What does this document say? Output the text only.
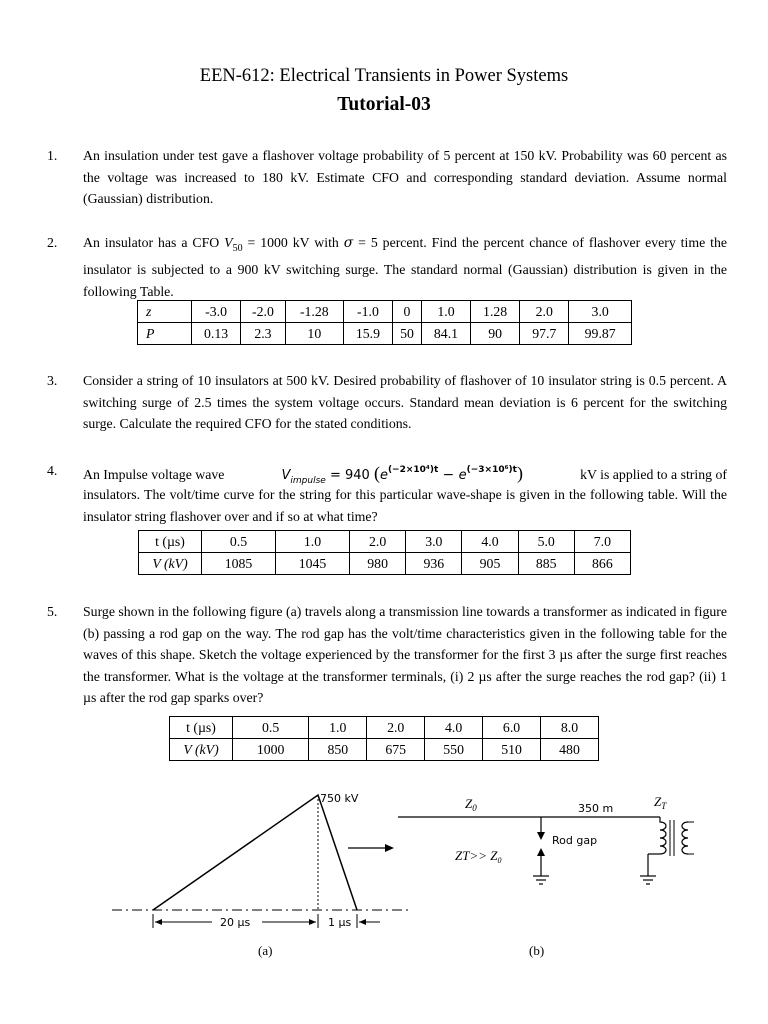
EEN-612: Electrical Transients in Power Systems
Tutorial-03
1. An insulation under test gave a flashover voltage probability of 5 percent at 150 kV. Probability was 60 percent as the voltage was increased to 180 kV. Estimate CFO and corresponding standard deviation. Assume normal (Gaussian) distribution.
2. An insulator has a CFO $V_{50} = 1000$ kV with σ = 5 percent. Find the percent chance of flashover every time the insulator is subjected to a 900 kV switching surge. The standard normal (Gaussian) distribution is given in the following Table.
z	-3.0	-2.0	-1.28	-1.0	0	1.0	1.28	2.0	3.0
P	0.13	2.3	10	15.9	50	84.1	90	97.7	99.87
3. Consider a string of 10 insulators at 500 kV. Desired probability of flashover of 10 insulator string is 0.5 percent. A switching surge of 2.5 times the system voltage occurs. Standard mean deviation is 6 percent for the switching surge. Calculate the required CFO for the stated conditions.
4. An Impulse voltage wave	$V_{impulse} = 940$ $(e^{(-2\times 10^4)t} - e^{(-3\times 10^6)t})$	kV is applied to a string of
insulators. The volt/time curve for the string for this particular wave-shape is given in the following table. Will the insulator string flashover over and if so at what time?
t (µs)	0.5	1.0	2.0	3.0	4.0	5.0	7.0
V (kV)	1085	1045	980	936	905	885	866
5. Surge shown in the following figure (a) travels along a transmission line towards a transformer as indicated in figure (b) passing a rod gap on the way. The rod gap has the volt/time characteristics given in the following table for the waves of this shape. Sketch the voltage experienced by the transformer for the first 3 µs after the surge first reaches the transformer. What is the voltage at the transformer terminals, (i) 2 µs after the surge reaches the rod gap? (ii) 1 µs after the rod gap sparks over?
t (µs)	0.5	1.0	2.0	4.0	6.0	8.0
V (kV)	1000	850	675	550	510	480
750 kV
20 µs	1 µs
(a)
$Z_0$	350 m	$Z_T$
Rod gap
$ZT>> Z_0$
(b)
